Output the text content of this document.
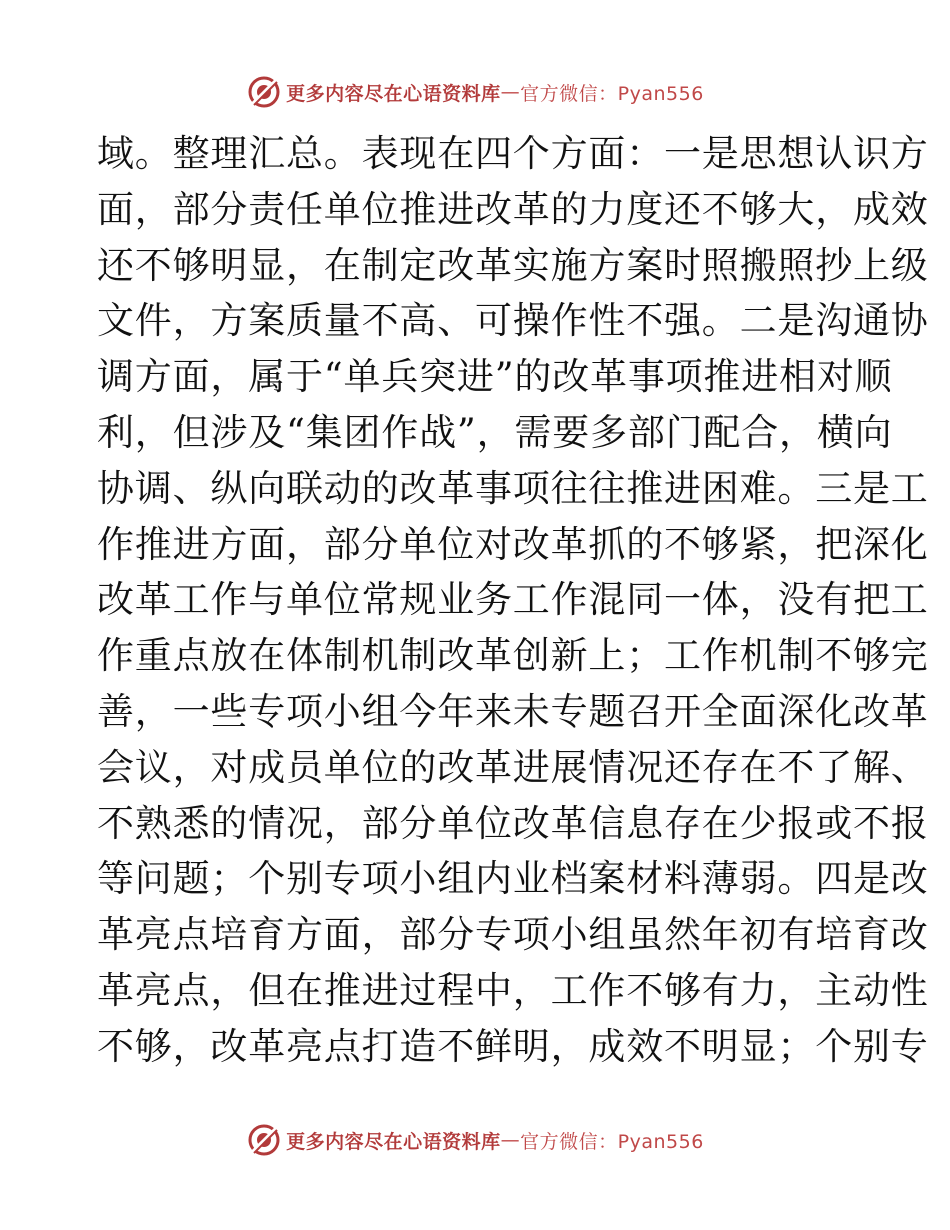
更多内容尽在心语资料库 — 官方微信：Pyan556
域。整理汇总。表现在四个方面：一是思想认识方
面，部分责任单位推进改革的力度还不够大，成效
还不够明显，在制定改革实施方案时照搬照抄上级
文件，方案质量不高、可操作性不强。二是沟通协
调方面，属于“单兵突进”的改革事项推进相对顺
利，但涉及“集团作战”，需要多部门配合，横向
协调、纵向联动的改革事项往往推进困难。三是工
作推进方面，部分单位对改革抓的不够紧，把深化
改革工作与单位常规业务工作混同一体，没有把工
作重点放在体制机制改革创新上；工作机制不够完
善，一些专项小组今年来未专题召开全面深化改革
会议，对成员单位的改革进展情况还存在不了解、
不熟悉的情况，部分单位改革信息存在少报或不报
等问题；个别专项小组内业档案材料薄弱。四是改
革亮点培育方面，部分专项小组虽然年初有培育改
革亮点，但在推进过程中，工作不够有力，主动性
不够，改革亮点打造不鲜明，成效不明显；个别专
更多内容尽在心语资料库 — 官方微信：Pyan556
